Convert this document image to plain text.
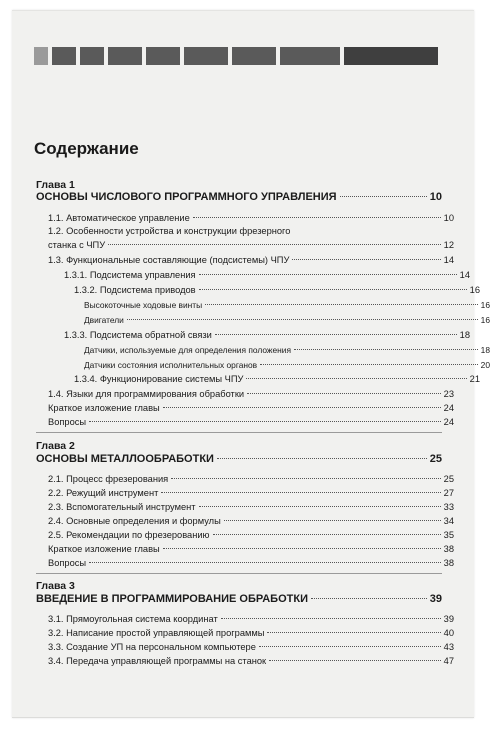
Содержание
Глава 1
ОСНОВЫ ЧИСЛОВОГО ПРОГРАММНОГО УПРАВЛЕНИЯ	10
1.1. Автоматическое управление	10
1.2. Особенности устройства и конструкции фрезерного
станка с ЧПУ	12
1.3. Функциональные составляющие (подсистемы) ЧПУ	14
1.3.1. Подсистема управления	14
1.3.2. Подсистема приводов	16
Высокоточные ходовые винты	16
Двигатели	16
1.3.3. Подсистема обратной связи	18
Датчики, используемые для определения положения	18
Датчики состояния исполнительных органов	20
1.3.4. Функционирование системы ЧПУ	21
1.4. Языки для программирования обработки	23
Краткое изложение главы	24
Вопросы	24
Глава 2
ОСНОВЫ МЕТАЛЛООБРАБОТКИ	25
2.1. Процесс фрезерования	25
2.2. Режущий инструмент	27
2.3. Вспомогательный инструмент	33
2.4. Основные определения и формулы	34
2.5. Рекомендации по фрезерованию	35
Краткое изложение главы	38
Вопросы	38
Глава 3
ВВЕДЕНИЕ В ПРОГРАММИРОВАНИЕ ОБРАБОТКИ	39
3.1. Прямоугольная система координат	39
3.2. Написание простой управляющей программы	40
3.3. Создание УП на персональном компьютере	43
3.4. Передача управляющей программы на станок	47
